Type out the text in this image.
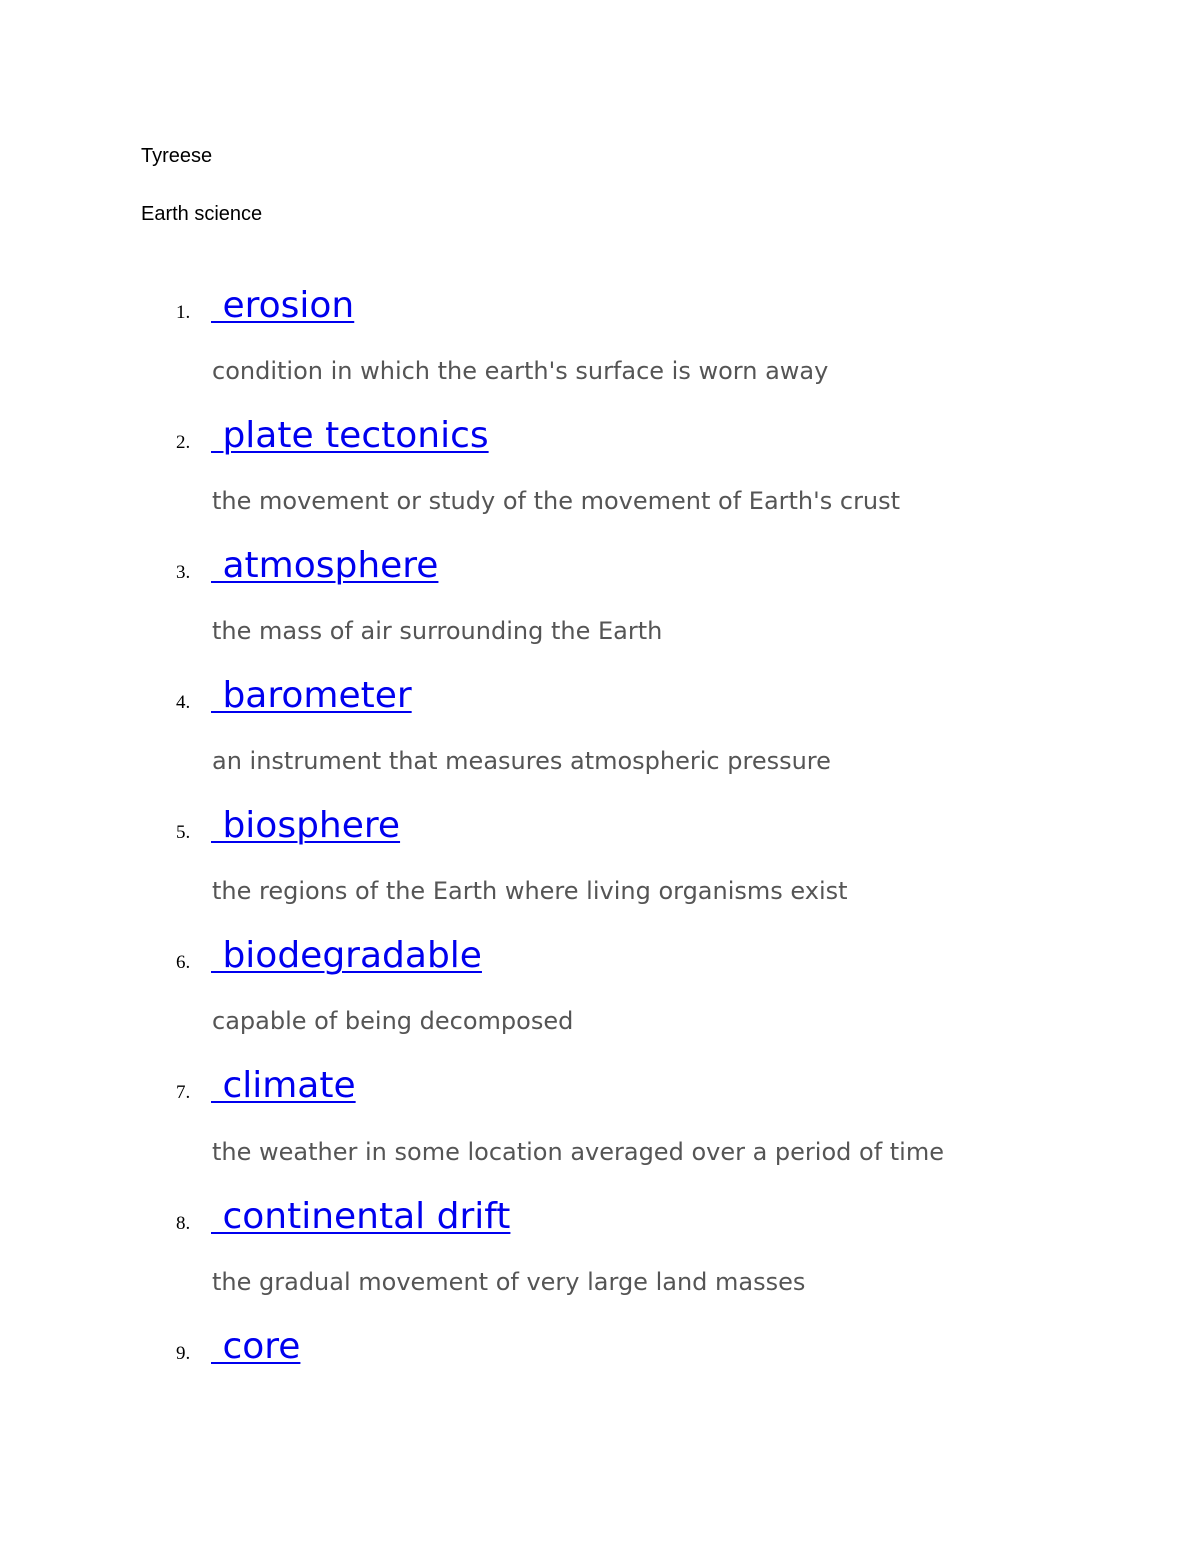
Tyreese
Earth science
1. erosion
condition in which the earth's surface is worn away
2. plate tectonics
the movement or study of the movement of Earth's crust
3. atmosphere
the mass of air surrounding the Earth
4. barometer
an instrument that measures atmospheric pressure
5. biosphere
the regions of the Earth where living organisms exist
6. biodegradable
capable of being decomposed
7. climate
the weather in some location averaged over a period of time
8. continental drift
the gradual movement of very large land masses
9. core
